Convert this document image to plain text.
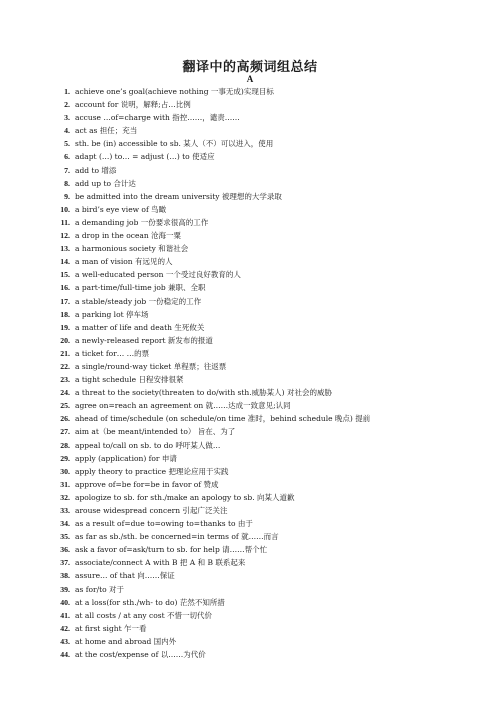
翻译中的高频词组总结
A
1. achieve one’s goal(achieve nothing 一事无成)实现目标
2. account for 说明，解释;占…比例
3. accuse …of=charge with 指控……，谴责……
4. act as 担任；充当
5. sth. be (in) accessible to sb. 某人（不）可以进入，使用
6. adapt (…) to… = adjust (…) to 使适应
7. add to 增添
8. add up to 合计达
9. be admitted into the dream university 被理想的大学录取
10. a bird’s eye view of 鸟瞰
11. a demanding job 一份要求很高的工作
12. a drop in the ocean 沧海一粟
13. a harmonious society 和谐社会
14. a man of vision 有远见的人
15. a well-educated person 一个受过良好教育的人
16. a part-time/full-time job 兼职、全职
17. a stable/steady job 一份稳定的工作
18. a parking lot 停车场
19. a matter of life and death 生死攸关
20. a newly-released report 新发布的报道
21. a ticket for… …的票
22. a single/round-way ticket 单程票；往返票
23. a tight schedule 日程安排很紧
24. a threat to the society(threaten to do/with sth.威胁某人) 对社会的威胁
25. agree on=reach an agreement on 就……达成一致意见;认同
26. ahead of time/schedule (on schedule/on time 准时，behind schedule 晚点) 提前
27. aim at（be meant/intended to） 旨在、为了
28. appeal to/call on sb. to do 呼吁某人做…
29. apply (application) for 申请
30. apply theory to practice 把理论应用于实践
31. approve of=be for=be in favor of 赞成
32. apologize to sb. for sth./make an apology to sb. 向某人道歉
33. arouse widespread concern 引起广泛关注
34. as a result of=due to=owing to=thanks to 由于
35. as far as sb./sth. be concerned=in terms of 就……而言
36. ask a favor of=ask/turn to sb. for help 请……帮个忙
37. associate/connect A with B 把 A 和 B 联系起来
38. assure… of that 向……保证
39. as for/to 对于
40. at a loss(for sth./wh- to do) 茫然不知所措
41. at all costs / at any cost 不惜一切代价
42. at first sight 乍一看
43. at home and abroad 国内外
44. at the cost/expense of 以……为代价
